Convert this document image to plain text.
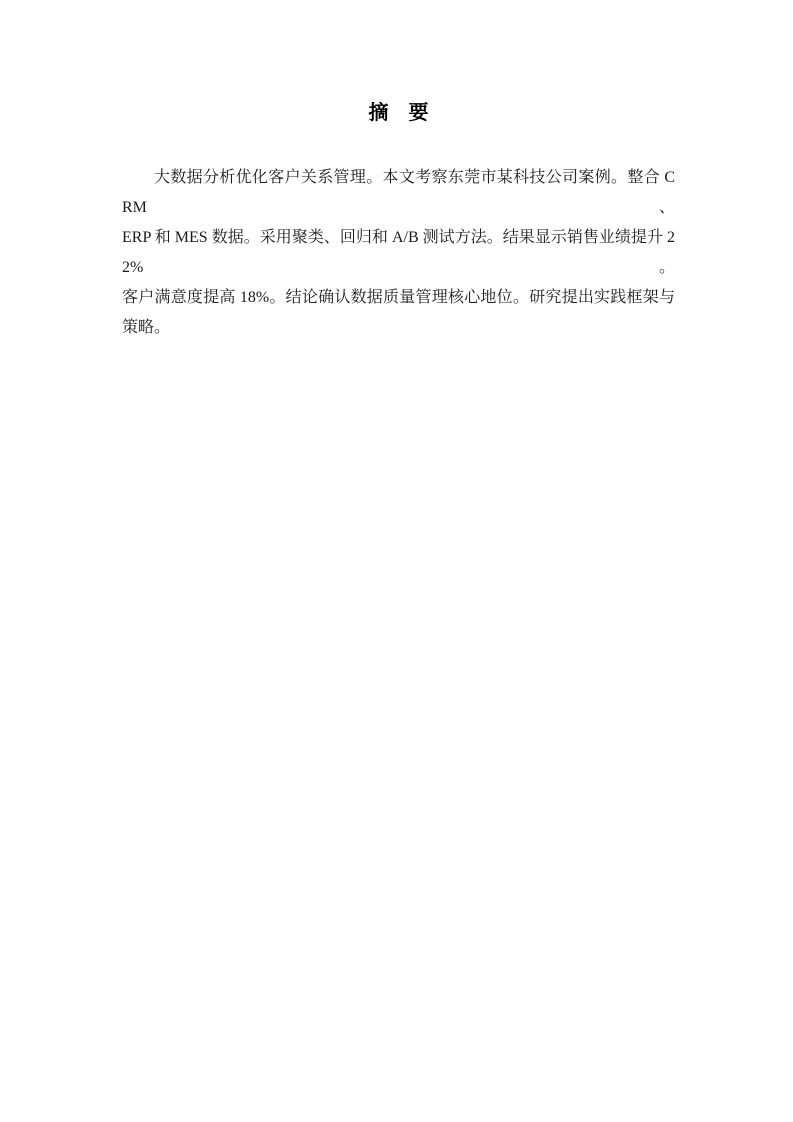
摘　要

大数据分析优化客户关系管理。本文考察东莞市某科技公司案例。整合 CRM、

ERP 和 MES 数据。采用聚类、回归和 A/B 测试方法。结果显示销售业绩提升 22%。

客户满意度提高 18%。结论确认数据质量管理核心地位。研究提出实践框架与

策略。
